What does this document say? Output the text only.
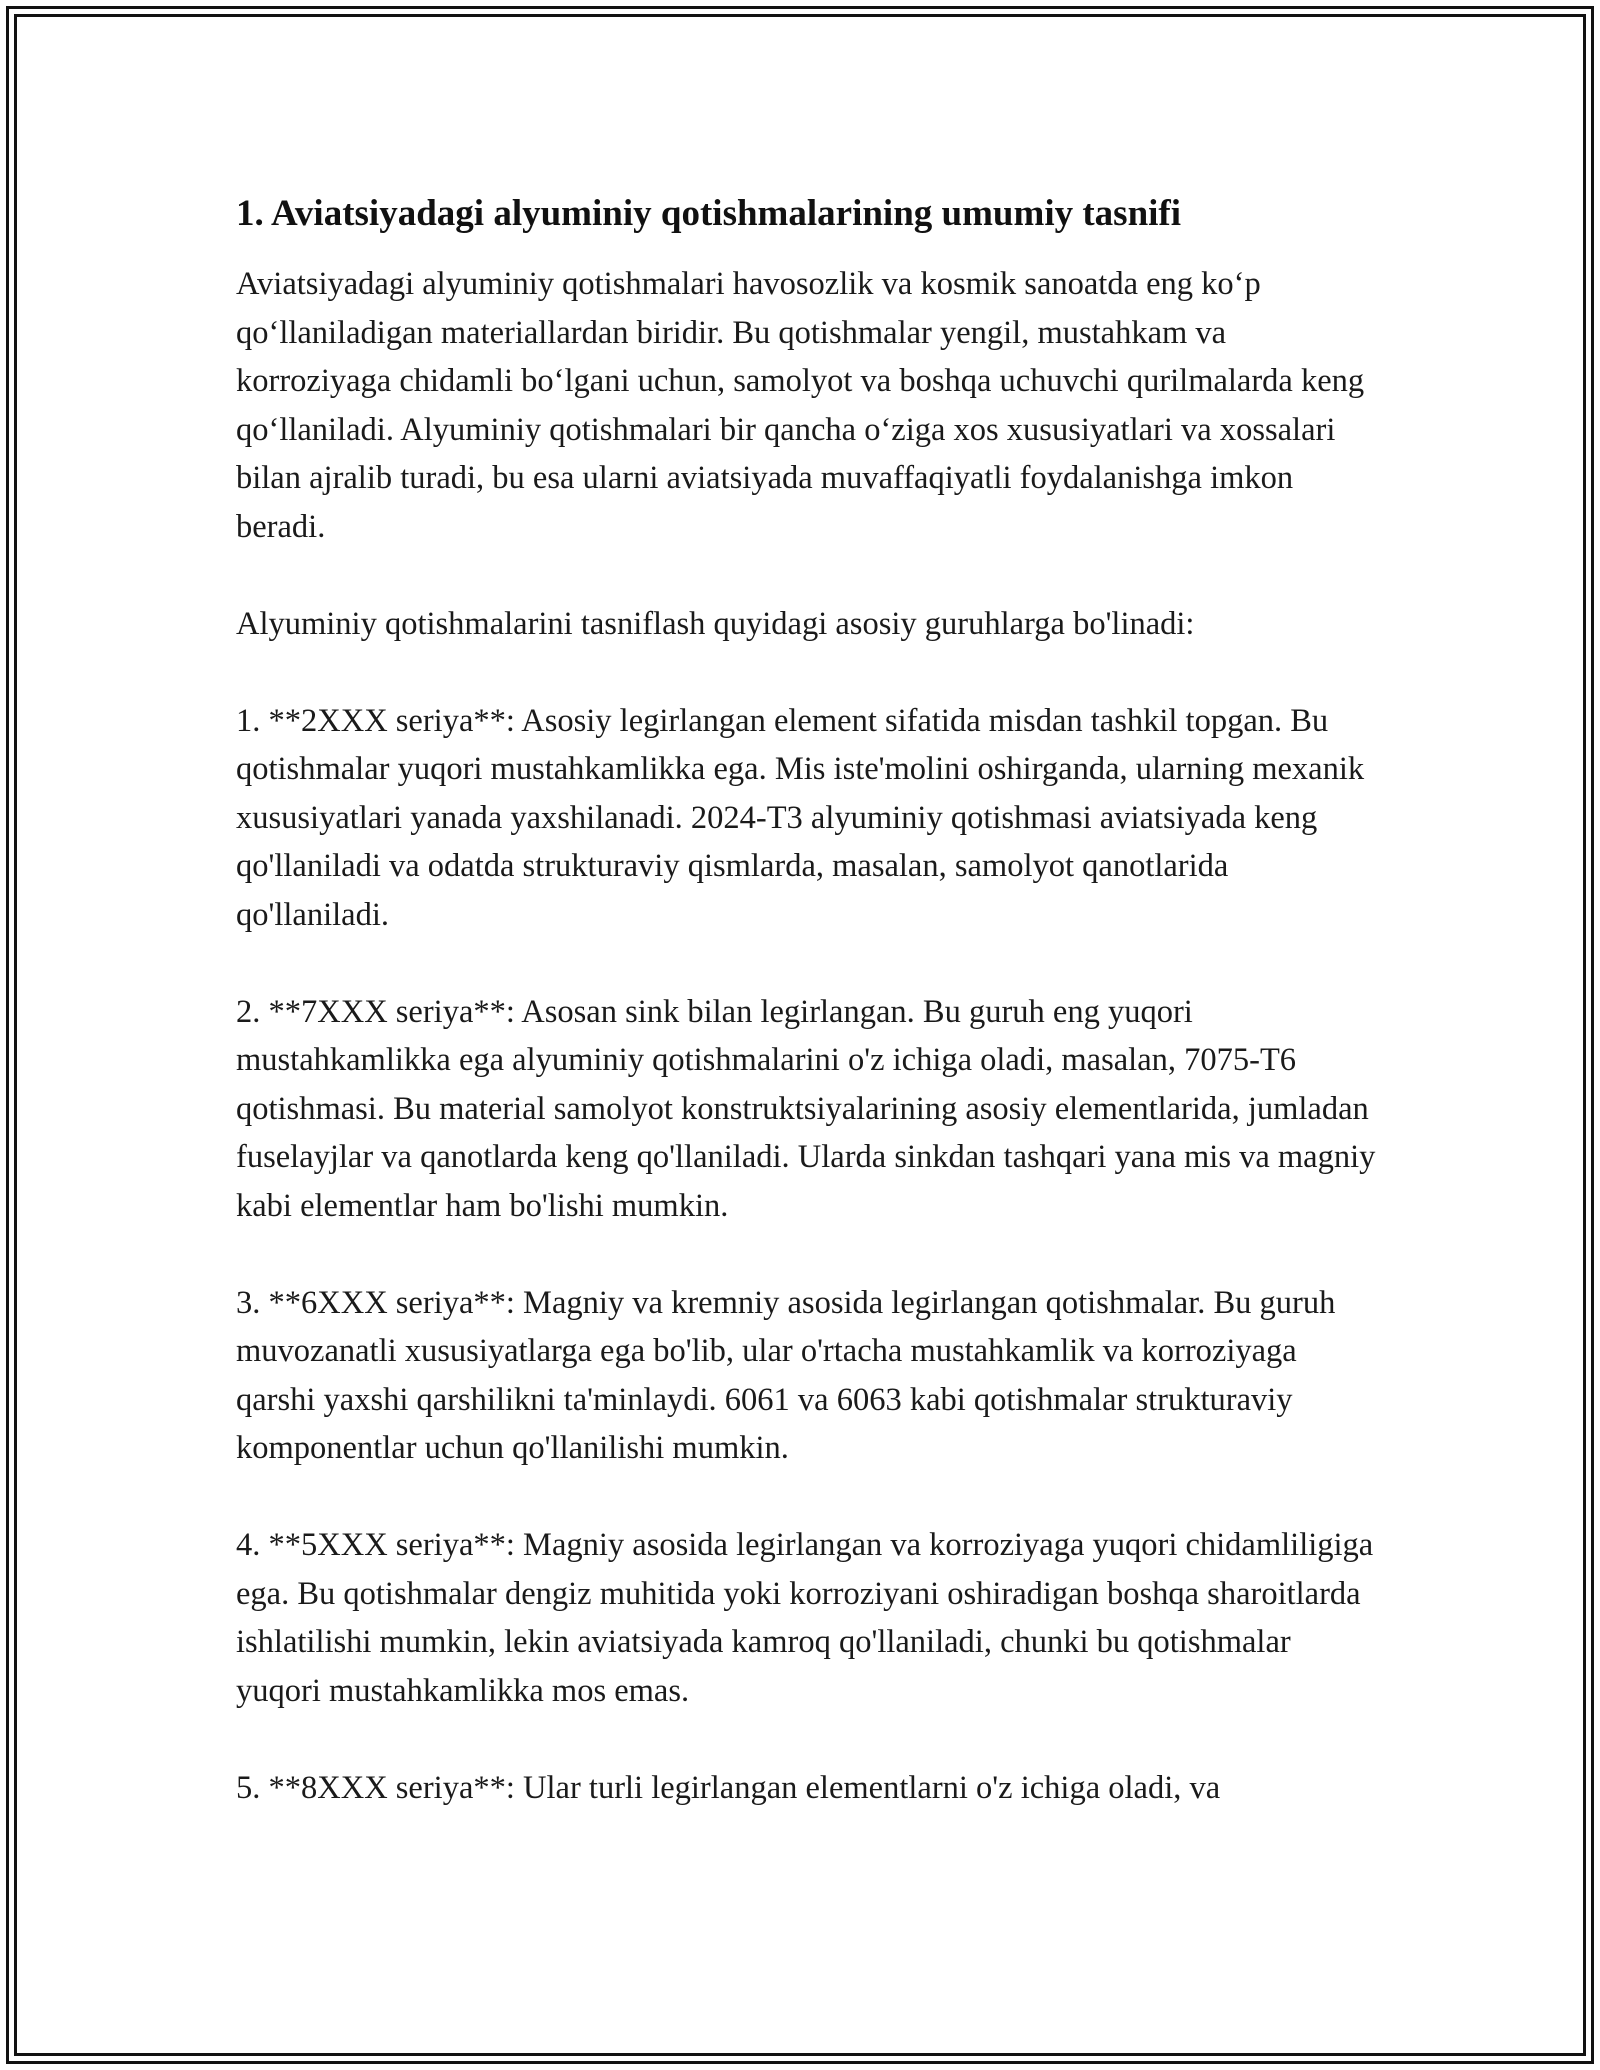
1. Aviatsiyadagi alyuminiy qotishmalarining umumiy tasnifi

Aviatsiyadagi alyuminiy qotishmalari havosozlik va kosmik sanoatda eng ko‘p qo‘llaniladigan materiallardan biridir. Bu qotishmalar yengil, mustahkam va korroziyaga chidamli bo‘lgani uchun, samolyot va boshqa uchuvchi qurilmalarda keng qo‘llaniladi. Alyuminiy qotishmalari bir qancha o‘ziga xos xususiyatlari va xossalari bilan ajralib turadi, bu esa ularni aviatsiyada muvaffaqiyatli foydalanishga imkon beradi.

Alyuminiy qotishmalarini tasniflash quyidagi asosiy guruhlarga bo'linadi:

1. **2XXX seriya**: Asosiy legirlangan element sifatida misdan tashkil topgan. Bu qotishmalar yuqori mustahkamlikka ega. Mis iste'molini oshirganda, ularning mexanik xususiyatlari yanada yaxshilanadi. 2024-T3 alyuminiy qotishmasi aviatsiyada keng qo'llaniladi va odatda strukturaviy qismlarda, masalan, samolyot qanotlarida qo'llaniladi.

2. **7XXX seriya**: Asosan sink bilan legirlangan. Bu guruh eng yuqori mustahkamlikka ega alyuminiy qotishmalarini o'z ichiga oladi, masalan, 7075-T6 qotishmasi. Bu material samolyot konstruktsiyalarining asosiy elementlarida, jumladan fuselayjlar va qanotlarda keng qo'llaniladi. Ularda sinkdan tashqari yana mis va magniy kabi elementlar ham bo'lishi mumkin.

3. **6XXX seriya**: Magniy va kremniy asosida legirlangan qotishmalar. Bu guruh muvozanatli xususiyatlarga ega bo'lib, ular o'rtacha mustahkamlik va korroziyaga qarshi yaxshi qarshilikni ta'minlaydi. 6061 va 6063 kabi qotishmalar strukturaviy komponentlar uchun qo'llanilishi mumkin.

4. **5XXX seriya**: Magniy asosida legirlangan va korroziyaga yuqori chidamliligiga ega. Bu qotishmalar dengiz muhitida yoki korroziyani oshiradigan boshqa sharoitlarda ishlatilishi mumkin, lekin aviatsiyada kamroq qo'llaniladi, chunki bu qotishmalar yuqori mustahkamlikka mos emas.

5. **8XXX seriya**: Ular turli legirlangan elementlarni o'z ichiga oladi, va
